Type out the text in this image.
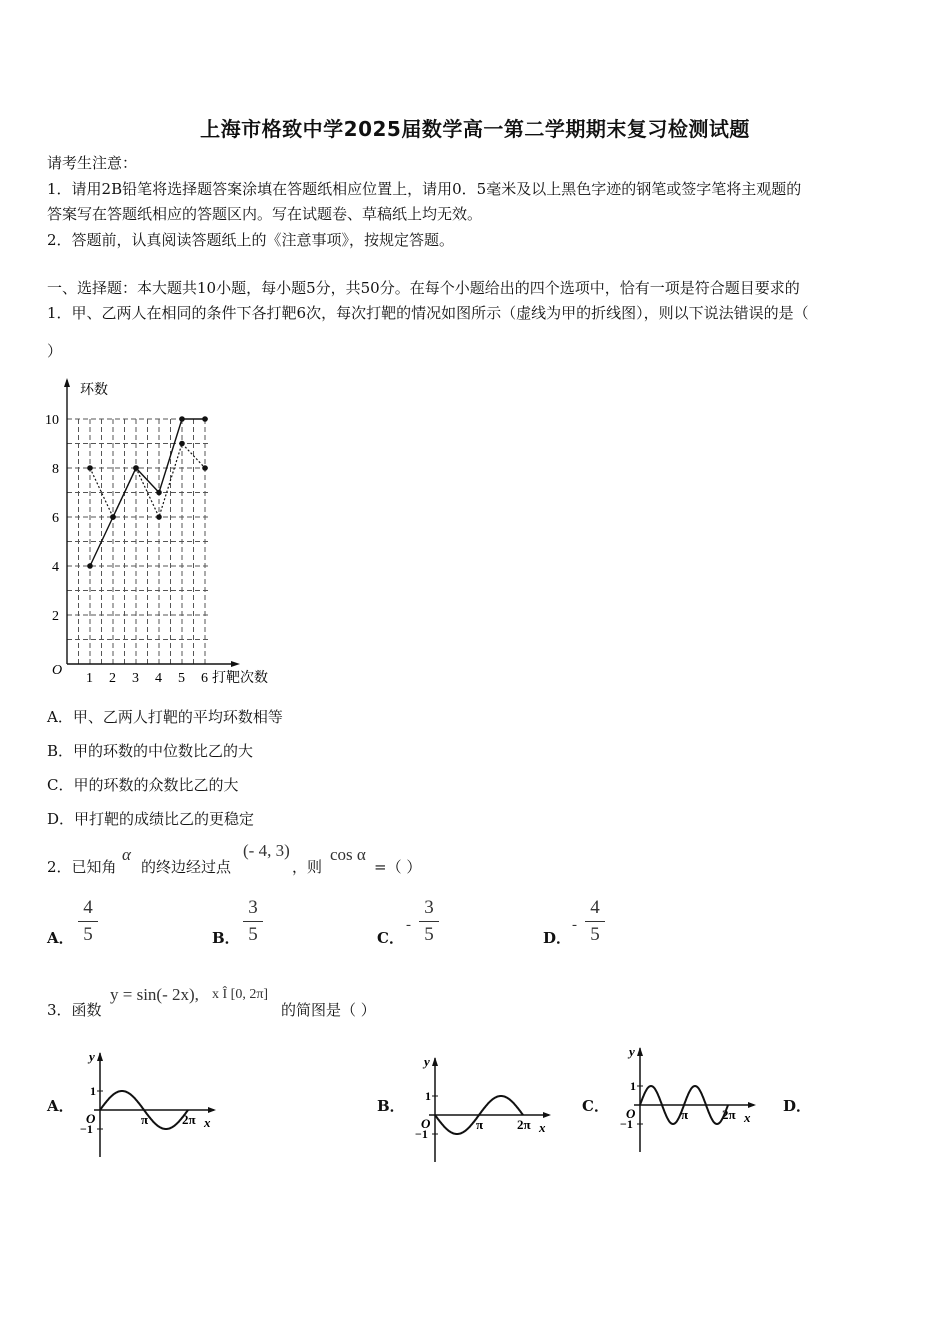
上海市格致中学2025届数学高一第二学期期末复习检测试题
请考生注意：
1．请用2B铅笔将选择题答案涂填在答题纸相应位置上，请用0．5毫米及以上黑色字迹的钢笔或签字笔将主观题的
答案写在答题纸相应的答题区内。写在试题卷、草稿纸上均无效。
2．答题前，认真阅读答题纸上的《注意事项》，按规定答题。
一、选择题：本大题共10小题，每小题5分，共50分。在每个小题给出的四个选项中，恰有一项是符合题目要求的
1．甲、乙两人在相同的条件下各打靶6次，每次打靶的情况如图所示（虚线为甲的折线图），则以下说法错误的是（
）
1 2 3 4 5 6
2
4
6
8
10
环数
打靶次数
O
A．甲、乙两人打靶的平均环数相等
B．甲的环数的中位数比乙的大
C．甲的环数的众数比乙的大
D．甲打靶的成绩比乙的更稳定
2．已知角
α
的终边经过点
(- 4, 3)
，则
cos α
=（ ）
A．
4
5	B．
3
5	C．
-
3
5	D．
-
4
5
3．函数
y = sin(- 2x), x Î [0, 2π]
的简图是（ ）
A．	B．	C．	D．
y
x
1
−1
O	π	2π
y
x
1
−1
O	π	2π
y
x
1
−1
O	π	2π
